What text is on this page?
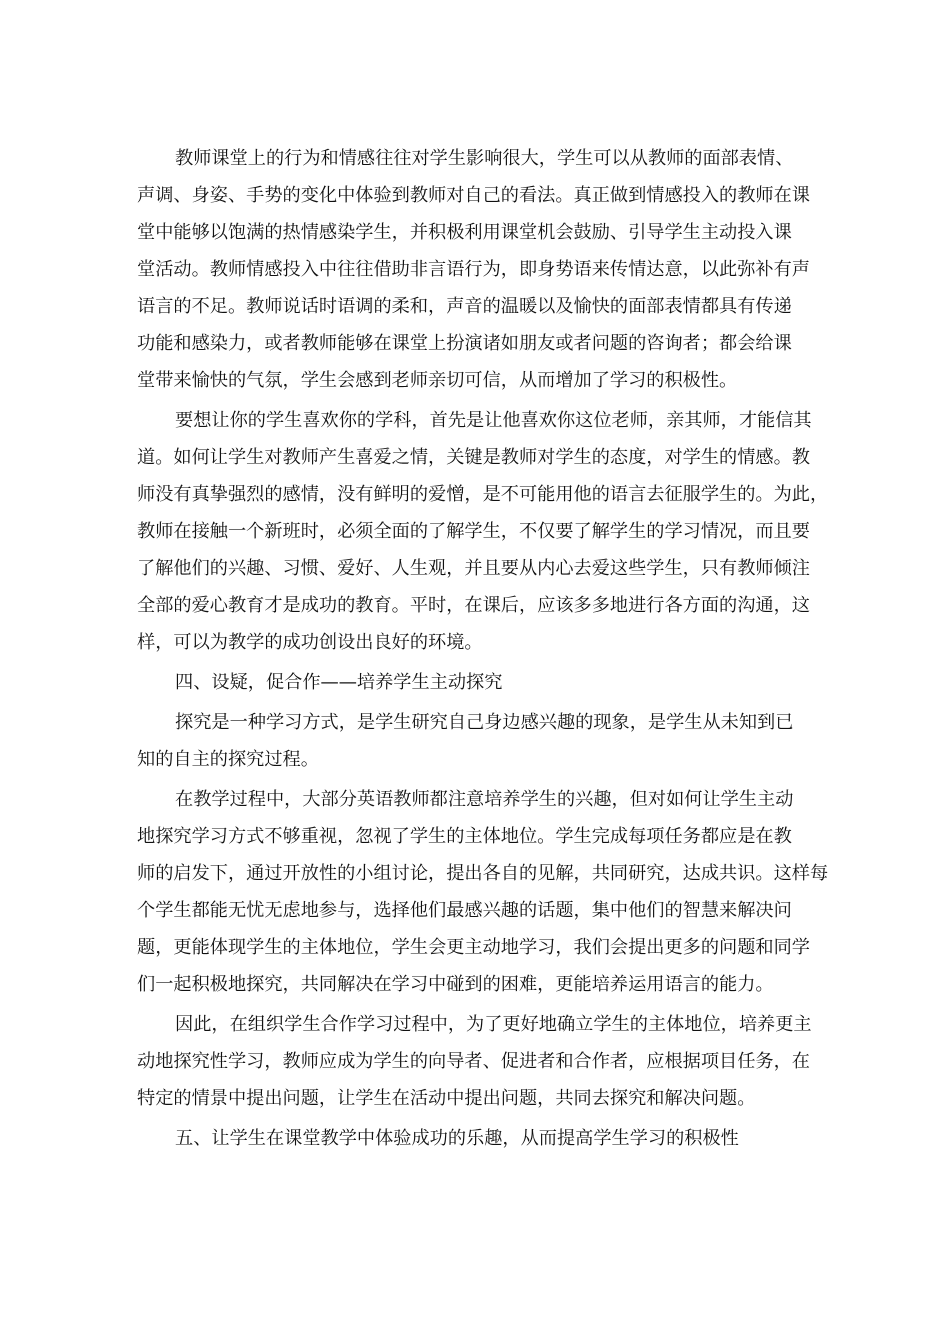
教师课堂上的行为和情感往往对学生影响很大，学生可以从教师的面部表情、
声调、身姿、手势的变化中体验到教师对自己的看法。真正做到情感投入的教师在课
堂中能够以饱满的热情感染学生，并积极利用课堂机会鼓励、引导学生主动投入课
堂活动。教师情感投入中往往借助非言语行为，即身势语来传情达意，以此弥补有声
语言的不足。教师说话时语调的柔和，声音的温暖以及愉快的面部表情都具有传递
功能和感染力，或者教师能够在课堂上扮演诸如朋友或者问题的咨询者；都会给课
堂带来愉快的气氛，学生会感到老师亲切可信，从而增加了学习的积极性。
要想让你的学生喜欢你的学科，首先是让他喜欢你这位老师，亲其师，才能信其
道。如何让学生对教师产生喜爱之情，关键是教师对学生的态度，对学生的情感。教
师没有真挚强烈的感情，没有鲜明的爱憎，是不可能用他的语言去征服学生的。为此，
教师在接触一个新班时，必须全面的了解学生，不仅要了解学生的学习情况，而且要
了解他们的兴趣、习惯、爱好、人生观，并且要从内心去爱这些学生，只有教师倾注
全部的爱心教育才是成功的教育。平时，在课后，应该多多地进行各方面的沟通，这
样，可以为教学的成功创设出良好的环境。
四、设疑，促合作——培养学生主动探究
探究是一种学习方式，是学生研究自己身边感兴趣的现象，是学生从未知到已
知的自主的探究过程。
在教学过程中，大部分英语教师都注意培养学生的兴趣，但对如何让学生主动
地探究学习方式不够重视，忽视了学生的主体地位。学生完成每项任务都应是在教
师的启发下，通过开放性的小组讨论，提出各自的见解，共同研究，达成共识。这样每
个学生都能无忧无虑地参与，选择他们最感兴趣的话题，集中他们的智慧来解决问
题，更能体现学生的主体地位，学生会更主动地学习，我们会提出更多的问题和同学
们一起积极地探究，共同解决在学习中碰到的困难，更能培养运用语言的能力。
因此，在组织学生合作学习过程中，为了更好地确立学生的主体地位，培养更主
动地探究性学习，教师应成为学生的向导者、促进者和合作者，应根据项目任务，在
特定的情景中提出问题，让学生在活动中提出问题，共同去探究和解决问题。
五、让学生在课堂教学中体验成功的乐趣，从而提高学生学习的积极性
